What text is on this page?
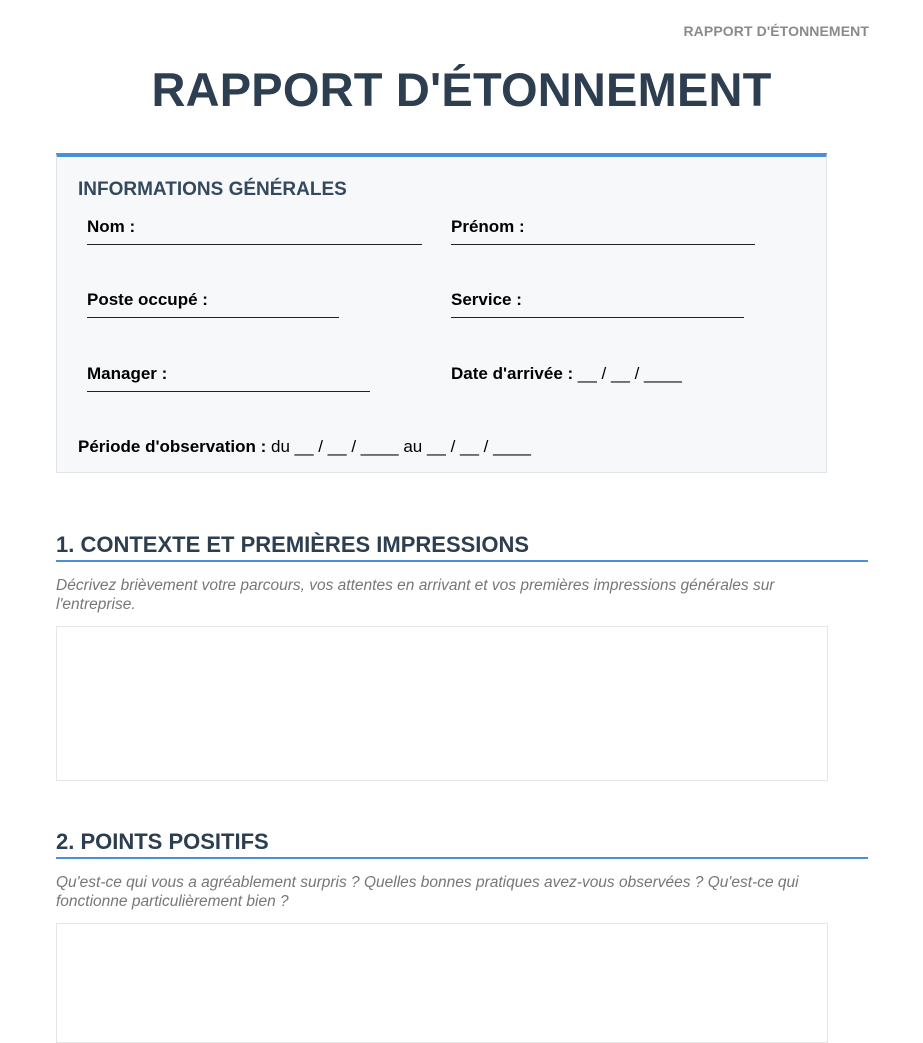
RAPPORT D'ÉTONNEMENT
RAPPORT D'ÉTONNEMENT
INFORMATIONS GÉNÉRALES
Nom :	Prénom :
Poste occupé :	Service :
Manager :	Date d'arrivée : __ / __ / ____
Période d'observation : du __ / __ / ____ au __ / __ / ____
1. CONTEXTE ET PREMIÈRES IMPRESSIONS

Décrivez brièvement votre parcours, vos attentes en arrivant et vos premières impressions générales sur l'entreprise.

2. POINTS POSITIFS

Qu'est-ce qui vous a agréablement surpris ? Quelles bonnes pratiques avez-vous observées ? Qu'est-ce qui fonctionne particulièrement bien ?
